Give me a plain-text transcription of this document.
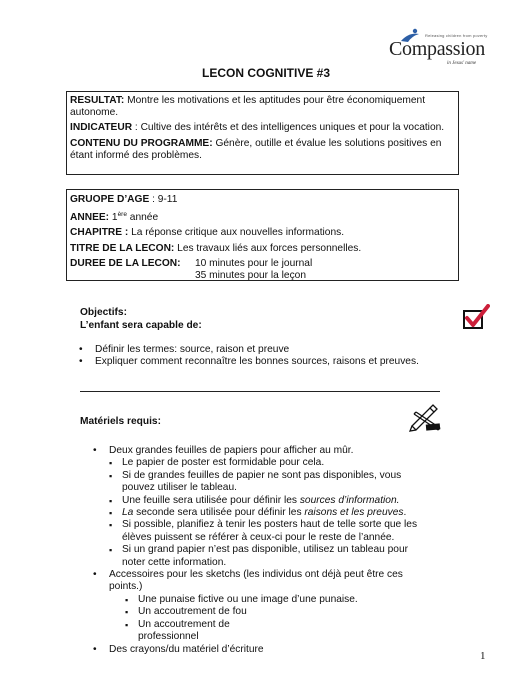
Releasing children from poverty
Compassion
in Jesus' name
LECON COGNITIVE #3

RESULTAT: Montre les motivations et les aptitudes pour être économiquement autonome.

INDICATEUR : Cultive des intérêts et des intelligences uniques et pour la vocation.

CONTENU DU PROGRAMME: Génère, outille et évalue les solutions positives en étant informé des problèmes.

GRUOPE D’AGE : 9-11

ANNEE: 1ère année

CHAPITRE : La réponse critique aux nouvelles informations.

TITRE DE LA LECON: Les travaux liés aux forces personnelles.

DUREE DE LA LECON: 10 minutes pour le journal

35 minutes pour la leçon

Objectifs:
L’enfant sera capable de:
• Définir les termes: source, raison et preuve
• Expliquer comment reconnaître les bonnes sources, raisons et preuves.
Matériels requis:
• Deux grandes feuilles de papiers pour afficher au mûr.
▪ Le papier de poster est formidable pour cela.
▪ Si de grandes feuilles de papier ne sont pas disponibles, vous
pouvez utiliser le tableau.
▪ Une feuille sera utilisée pour définir les sources d’information.
▪ La seconde sera utilisée pour définir les raisons et les preuves.
▪ Si possible, planifiez à tenir les posters haut de telle sorte que les
élèves puissent se référer à ceux-ci pour le reste de l’année.
▪ Si un grand papier n’est pas disponible, utilisez un tableau pour
noter cette information.
• Accessoires pour les sketchs (les individus ont déjà peut être ces
points.)
▪ Une punaise fictive ou une image d’une punaise.
▪ Un accoutrement de fou
▪ Un accoutrement de
professionnel
• Des crayons/du matériel d’écriture
1
